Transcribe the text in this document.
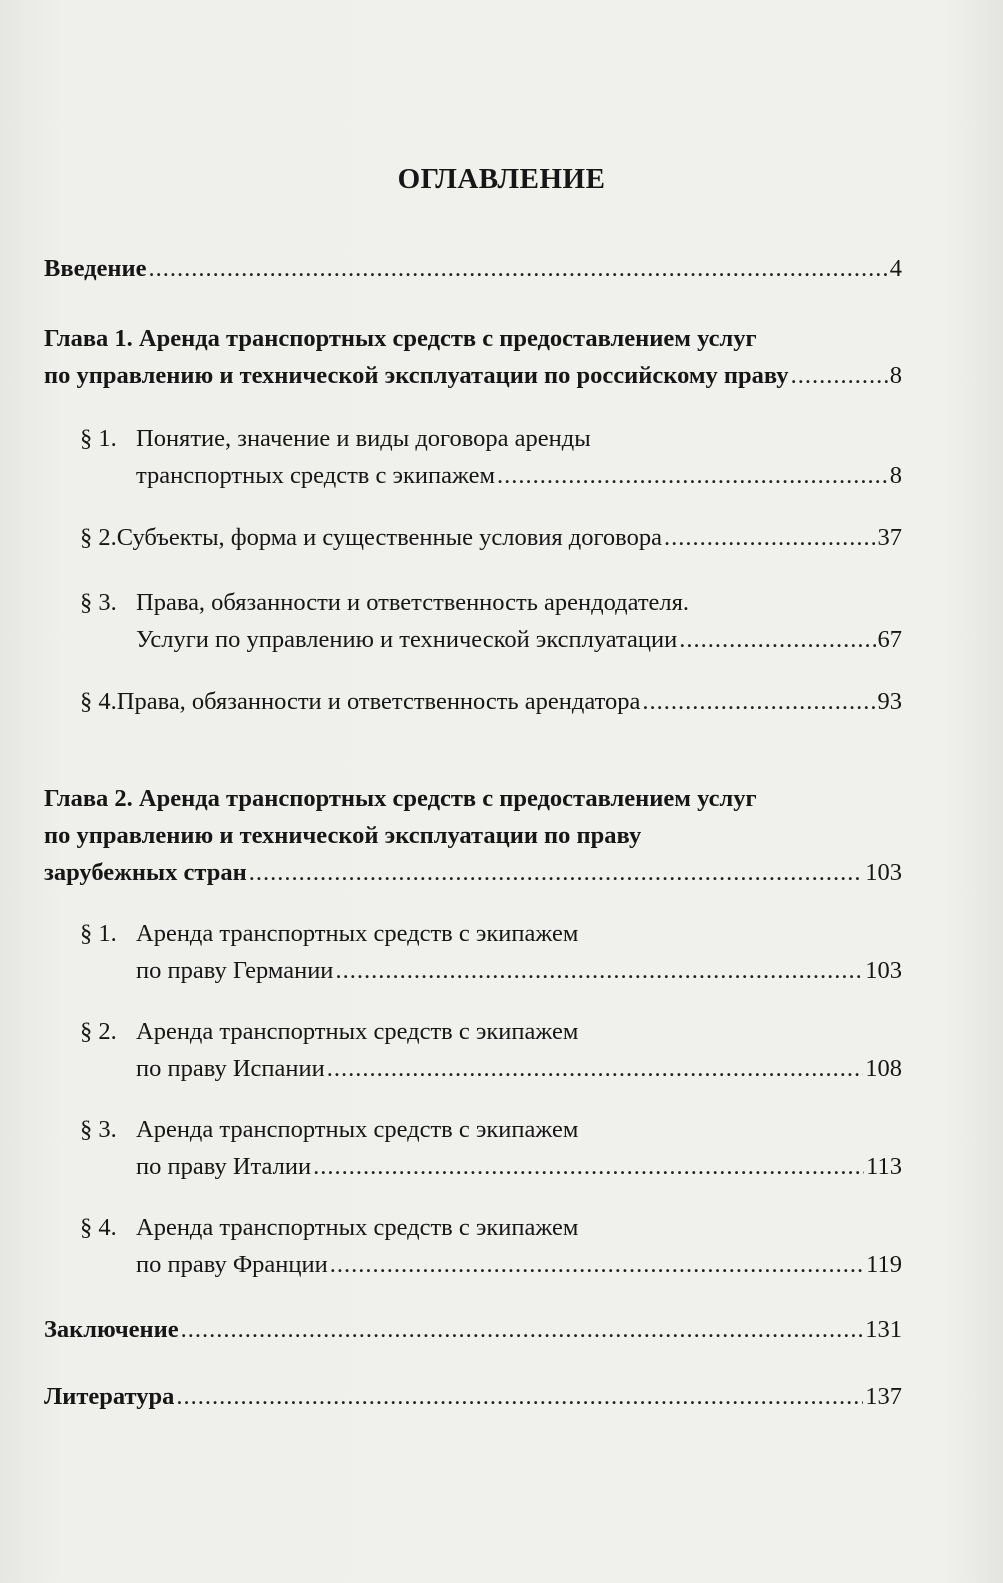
ОГЛАВЛЕНИЕ
Введение .....	4
Глава 1. Аренда транспортных средств с предоставлением услуг
по управлению и технической эксплуатации по российскому праву .....	8
§ 1. Понятие, значение и виды договора аренды
транспортных средств с экипажем .....	8
§ 2. Субъекты, форма и существенные условия договора .....	37
§ 3. Права, обязанности и ответственность арендодателя.
Услуги по управлению и технической эксплуатации .....	67
§ 4. Права, обязанности и ответственность арендатора .....	93
Глава 2. Аренда транспортных средств с предоставлением услуг
по управлению и технической эксплуатации по праву
зарубежных стран .....	103
§ 1. Аренда транспортных средств с экипажем
по праву Германии .....	103
§ 2. Аренда транспортных средств с экипажем
по праву Испании .....	108
§ 3. Аренда транспортных средств с экипажем
по праву Италии .....	113
§ 4. Аренда транспортных средств с экипажем
по праву Франции .....	119
Заключение .....	131
Литература .....	137
